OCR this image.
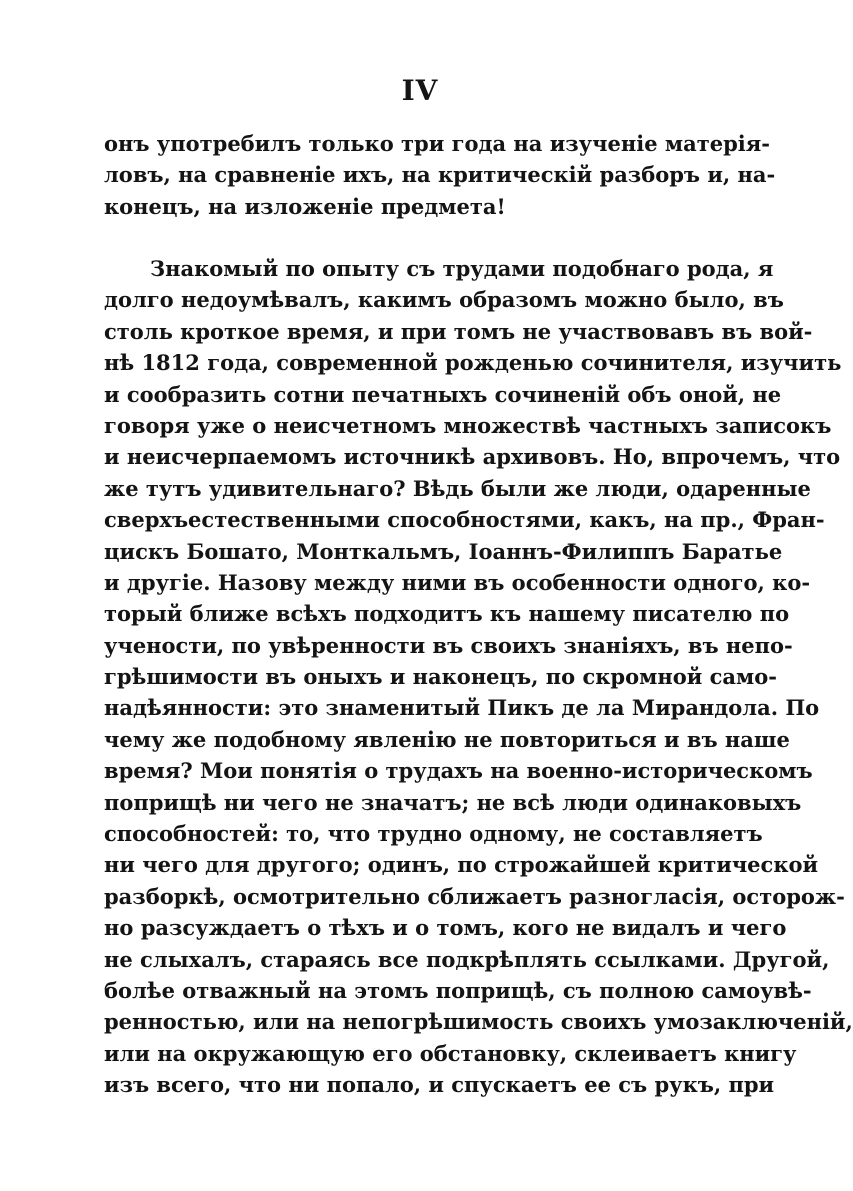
IV
онъ употребилъ только три года на изученіе матерія-
ловъ, на сравненіе ихъ, на критическій разборъ и, на-
конецъ, на изложеніе предмета!
Знакомый по опыту съ трудами подобнаго рода, я
долго недоумѣвалъ, какимъ образомъ можно было, въ
столь кроткое время, и при томъ не участвовавъ въ вой-
нѣ 1812 года, современной рожденью сочинителя, изучить
и сообразить сотни печатныхъ сочиненій объ оной, не
говоря уже о неисчетномъ множествѣ частныхъ записокъ
и неисчерпаемомъ источникѣ архивовъ. Но, впрочемъ, что
же тутъ удивительнаго? Вѣдь были же люди, одаренные
сверхъестественными способностями, какъ, на пр., Фран-
цискъ Бошато, Монткальмъ, Іоаннъ-Филиппъ Баратье
и другіе. Назову между ними въ особенности одного, ко-
торый ближе всѣхъ подходитъ къ нашему писателю по
учености, по увѣренности въ своихъ знаніяхъ, въ непо-
грѣшимости въ оныхъ и наконецъ, по скромной само-
надѣянности: это знаменитый Пикъ де ла Мирандола. По
чему же подобному явленію не повториться и въ наше
время? Мои понятія о трудахъ на военно-историческомъ
поприщѣ ни чего не значатъ; не всѣ люди одинаковыхъ
способностей: то, что трудно одному, не составляетъ
ни чего для другого; одинъ, по строжайшей критической
разборкѣ, осмотрительно сближаетъ разногласія, осторож-
но разсуждаетъ о тѣхъ и о томъ, кого не видалъ и чего
не слыхалъ, стараясь все подкрѣплять ссылками. Другой,
болѣе отважный на этомъ поприщѣ, съ полною самоувѣ-
ренностью, или на непогрѣшимость своихъ умозаключеній,
или на окружающую его обстановку, склеиваетъ книгу
изъ всего, что ни попало, и спускаетъ ее съ рукъ, при
